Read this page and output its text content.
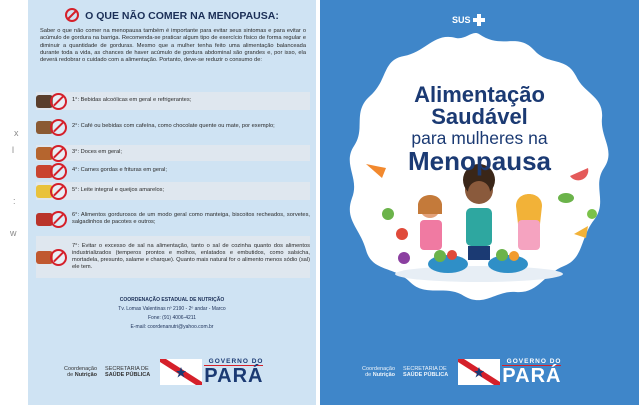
x
l
:
w
O QUE NÃO COMER NA MENOPAUSA:
Saber o que não comer na menopausa também é importante para evitar seus sintomas e para evitar o acúmulo de gordura na barriga. Recomenda-se praticar algum tipo de exercício físico de forma regular e diminuir a quantidade de gorduras. Mesmo que a mulher tenha feito uma alimentação balanceada durante toda a vida, as chances de haver acúmulo de gordura abdominal são grandes e, por isso, ela deverá redobrar o cuidado com a alimentação. Portanto, deve-se reduzir o consumo de:
1°: Bebidas alcoólicas em geral e refrigerantes;
2°: Café ou bebidas com cafeína, como chocolate quente ou mate, por exemplo;
3°: Doces em geral;
4°: Carnes gordas e frituras em geral;
5°: Leite integral e queijos amarelos;
6°: Alimentos gordurosos de um modo geral como manteiga, biscoitos recheados, sorvetes, salgadinhos de pacotes e outros;
7°: Evitar o excesso de sal na alimentação, tanto o sal de cozinha quanto dos alimentos industrializados (temperos prontos e molhos, enlatados e embutidos, como salsicha, mortadela, presunto, salame e charque). Quanto mais natural for o alimento menos sódio (sal) ele tem.
COORDENAÇÃO ESTADUAL DE NUTRIÇÃO
Tv. Lomas Valentinas nº 2190 - 2º andar - Marco
Fone: (91) 4006-4211
E-mail: coordenanutri@yahoo.com.br
Coordenação
de Nutrição
SECRETARIA DE
SAÚDE PÚBLICA
GOVERNO DO
PARÁ
SUS
Alimentação
Saudável
para mulheres na
Menopausa
Coordenação
de Nutrição
SECRETARIA DE
SAÚDE PÚBLICA
GOVERNO DO
PARÁ
